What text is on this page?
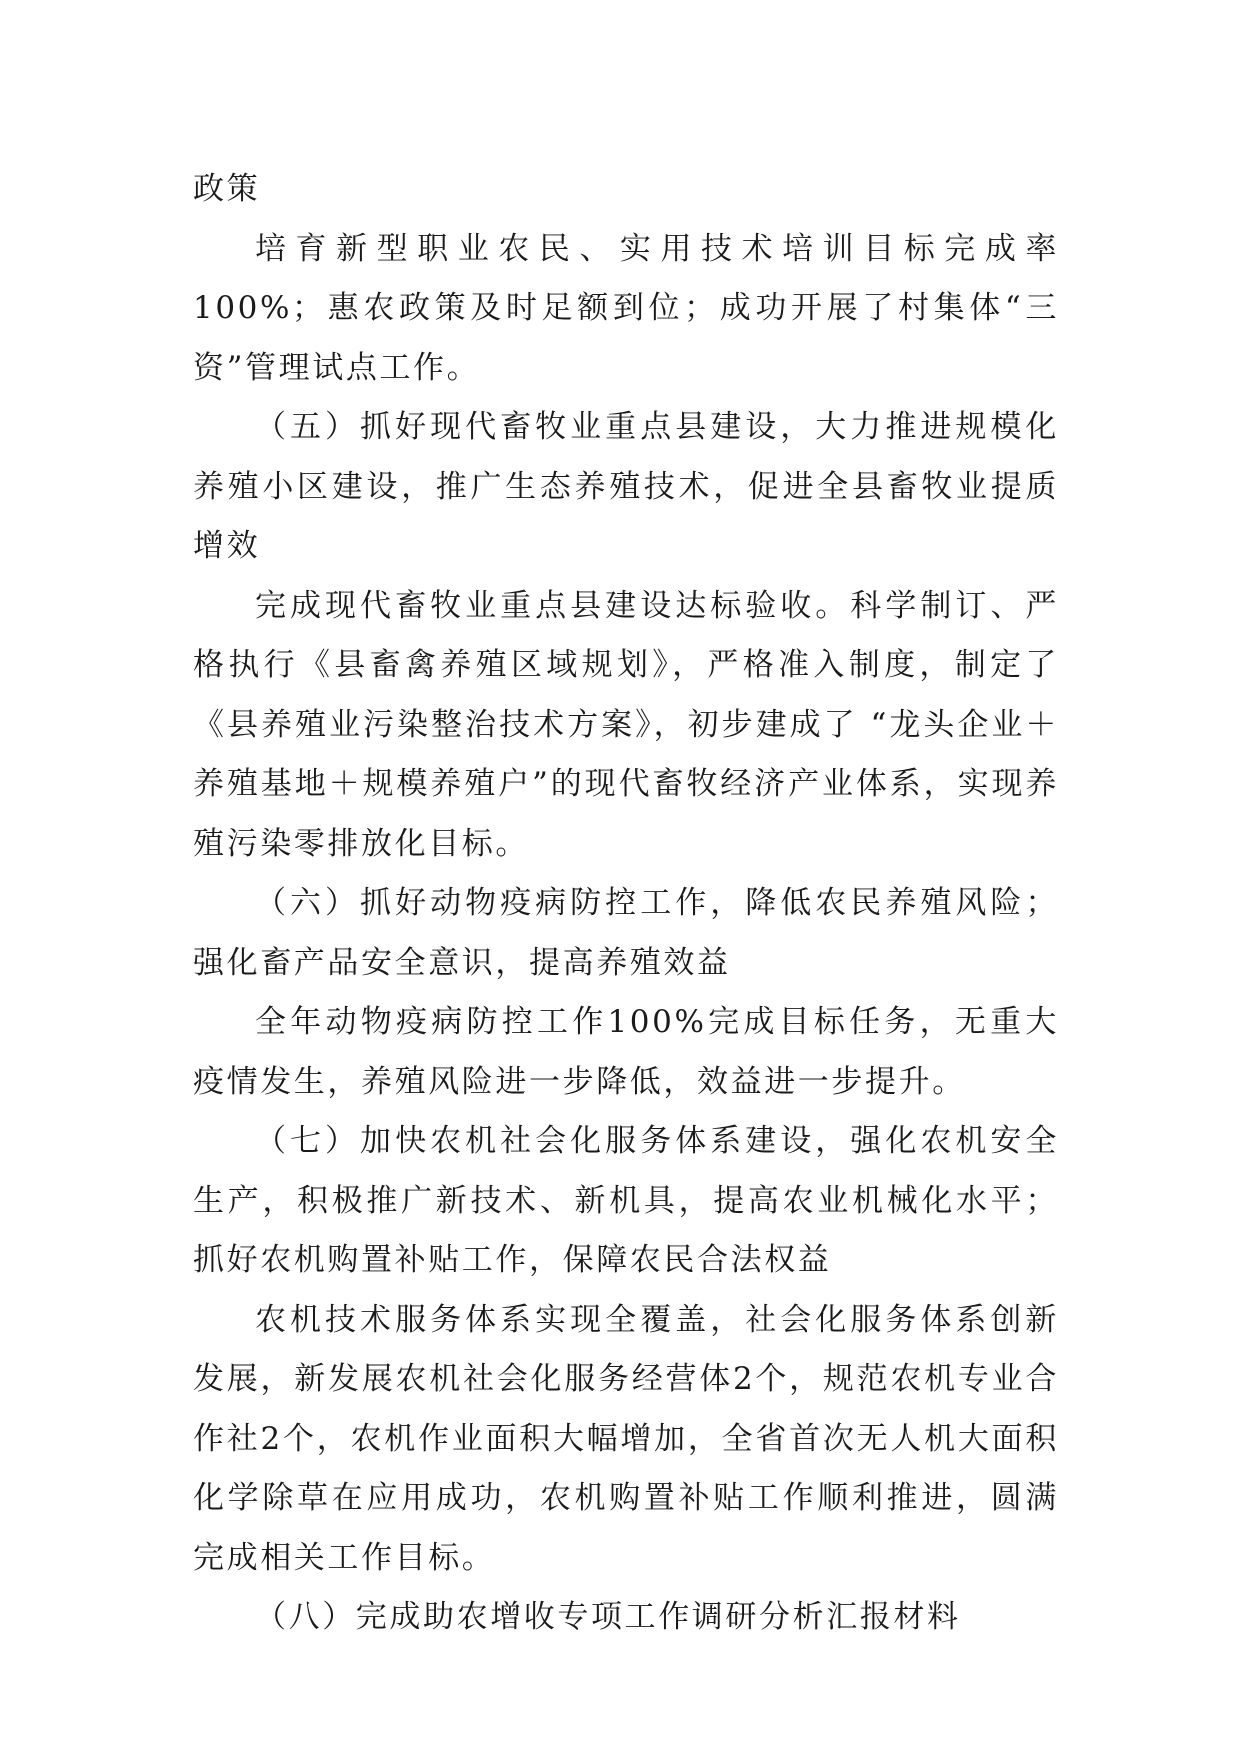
政策

培育新型职业农民、实用技术培训目标完成率100%；惠农政策及时足额到位；成功开展了村集体“三资”管理试点工作。

（五）抓好现代畜牧业重点县建设，大力推进规模化养殖小区建设，推广生态养殖技术，促进全县畜牧业提质增效

完成现代畜牧业重点县建设达标验收。科学制订、严格执行《县畜禽养殖区域规划》，严格准入制度，制定了《县养殖业污染整治技术方案》，初步建成了 “龙头企业＋养殖基地＋规模养殖户”的现代畜牧经济产业体系，实现养殖污染零排放化目标。

（六）抓好动物疫病防控工作，降低农民养殖风险；强化畜产品安全意识，提高养殖效益

全年动物疫病防控工作100%完成目标任务，无重大疫情发生，养殖风险进一步降低，效益进一步提升。

（七）加快农机社会化服务体系建设，强化农机安全生产，积极推广新技术、新机具，提高农业机械化水平；抓好农机购置补贴工作，保障农民合法权益

农机技术服务体系实现全覆盖，社会化服务体系创新发展，新发展农机社会化服务经营体2个，规范农机专业合作社2个，农机作业面积大幅增加，全省首次无人机大面积化学除草在应用成功，农机购置补贴工作顺利推进，圆满完成相关工作目标。

（八）完成助农增收专项工作调研分析汇报材料
